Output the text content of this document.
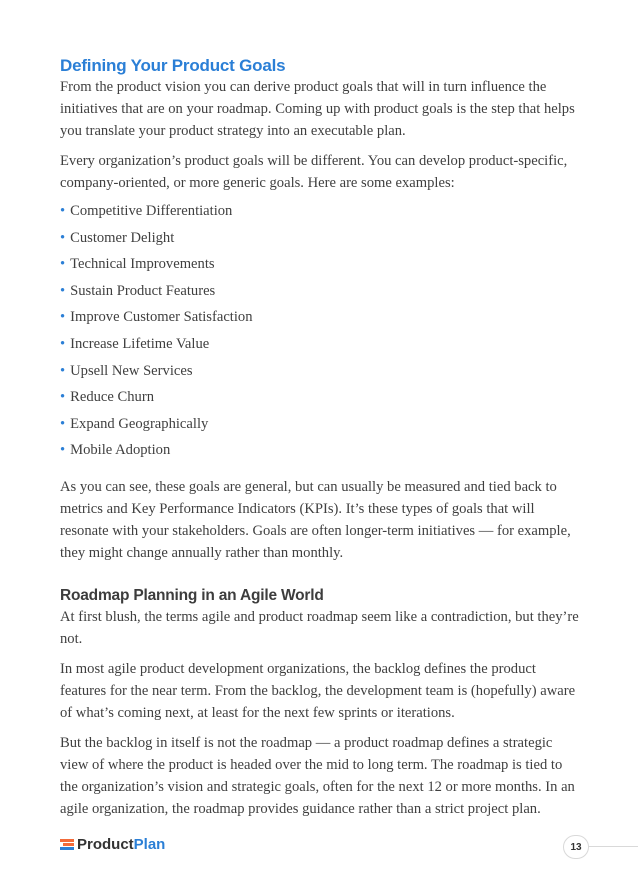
Defining Your Product Goals

From the product vision you can derive product goals that will in turn influence the initiatives that are on your roadmap. Coming up with product goals is the step that helps you translate your product strategy into an executable plan.

Every organization’s product goals will be different. You can develop product-specific, company-oriented, or more generic goals. Here are some examples:

• Competitive Differentiation
• Customer Delight
• Technical Improvements
• Sustain Product Features
• Improve Customer Satisfaction
• Increase Lifetime Value
• Upsell New Services
• Reduce Churn
• Expand Geographically
• Mobile Adoption

As you can see, these goals are general, but can usually be measured and tied back to metrics and Key Performance Indicators (KPIs). It’s these types of goals that will resonate with your stakeholders. Goals are often longer-term initiatives — for example, they might change annually rather than monthly.

Roadmap Planning in an Agile World

At first blush, the terms agile and product roadmap seem like a contradiction, but they’re not.

In most agile product development organizations, the backlog defines the product features for the near term. From the backlog, the development team is (hopefully) aware of what’s coming next, at least for the next few sprints or iterations.

But the backlog in itself is not the roadmap — a product roadmap defines a strategic view of where the product is headed over the mid to long term. The roadmap is tied to the organization’s vision and strategic goals, often for the next 12 or more months. In an agile organization, the roadmap provides guidance rather than a strict project plan.

Product Plan	13
